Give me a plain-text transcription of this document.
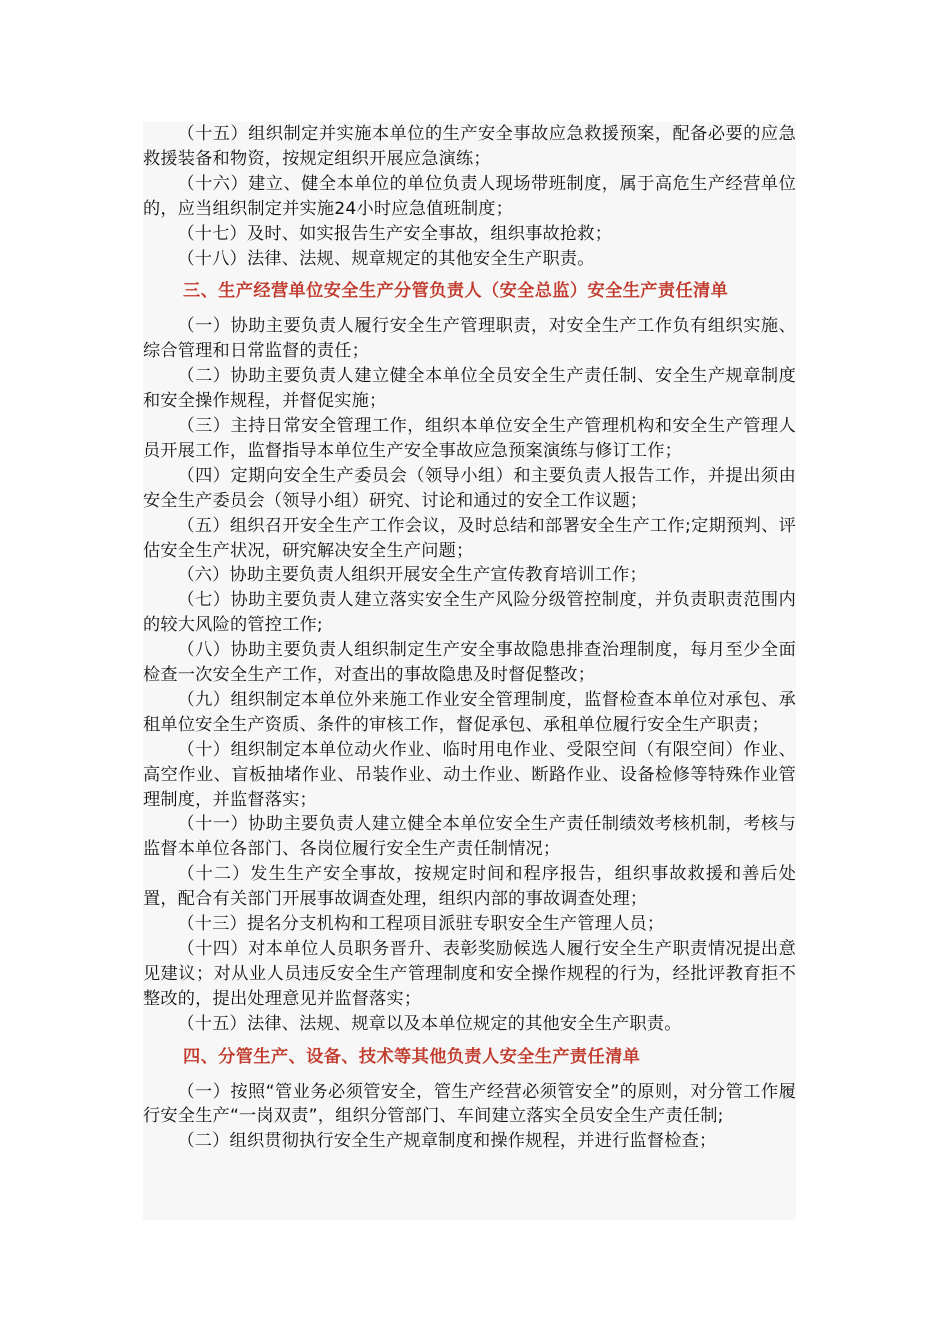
（十五）组织制定并实施本单位的生产安全事故应急救援预案，配备必要的应急救援装备和物资，按规定组织开展应急演练；

（十六）建立、健全本单位的单位负责人现场带班制度，属于高危生产经营单位的，应当组织制定并实施24小时应急值班制度；

（十七）及时、如实报告生产安全事故，组织事故抢救；

（十八）法律、法规、规章规定的其他安全生产职责。

三、生产经营单位安全生产分管负责人（安全总监）安全生产责任清单

（一）协助主要负责人履行安全生产管理职责，对安全生产工作负有组织实施、综合管理和日常监督的责任；

（二）协助主要负责人建立健全本单位全员安全生产责任制、安全生产规章制度和安全操作规程，并督促实施；

（三）主持日常安全管理工作，组织本单位安全生产管理机构和安全生产管理人员开展工作，监督指导本单位生产安全事故应急预案演练与修订工作；

（四）定期向安全生产委员会（领导小组）和主要负责人报告工作，并提出须由安全生产委员会（领导小组）研究、讨论和通过的安全工作议题；

（五）组织召开安全生产工作会议，及时总结和部署安全生产工作;定期预判、评估安全生产状况，研究解决安全生产问题；

（六）协助主要负责人组织开展安全生产宣传教育培训工作；

（七）协助主要负责人建立落实安全生产风险分级管控制度，并负责职责范围内的较大风险的管控工作;

（八）协助主要负责人组织制定生产安全事故隐患排查治理制度，每月至少全面检查一次安全生产工作，对查出的事故隐患及时督促整改；

（九）组织制定本单位外来施工作业安全管理制度，监督检查本单位对承包、承租单位安全生产资质、条件的审核工作，督促承包、承租单位履行安全生产职责；

（十）组织制定本单位动火作业、临时用电作业、受限空间（有限空间）作业、高空作业、盲板抽堵作业、吊装作业、动土作业、断路作业、设备检修等特殊作业管理制度，并监督落实；

（十一）协助主要负责人建立健全本单位安全生产责任制绩效考核机制，考核与监督本单位各部门、各岗位履行安全生产责任制情况；

（十二）发生生产安全事故，按规定时间和程序报告，组织事故救援和善后处置，配合有关部门开展事故调查处理，组织内部的事故调查处理；

（十三）提名分支机构和工程项目派驻专职安全生产管理人员；

（十四）对本单位人员职务晋升、表彰奖励候选人履行安全生产职责情况提出意见建议；对从业人员违反安全生产管理制度和安全操作规程的行为，经批评教育拒不整改的，提出处理意见并监督落实；

（十五）法律、法规、规章以及本单位规定的其他安全生产职责。

四、分管生产、设备、技术等其他负责人安全生产责任清单

（一）按照“管业务必须管安全，管生产经营必须管安全”的原则，对分管工作履行安全生产“一岗双责”，组织分管部门、车间建立落实全员安全生产责任制;

（二）组织贯彻执行安全生产规章制度和操作规程，并进行监督检查；
